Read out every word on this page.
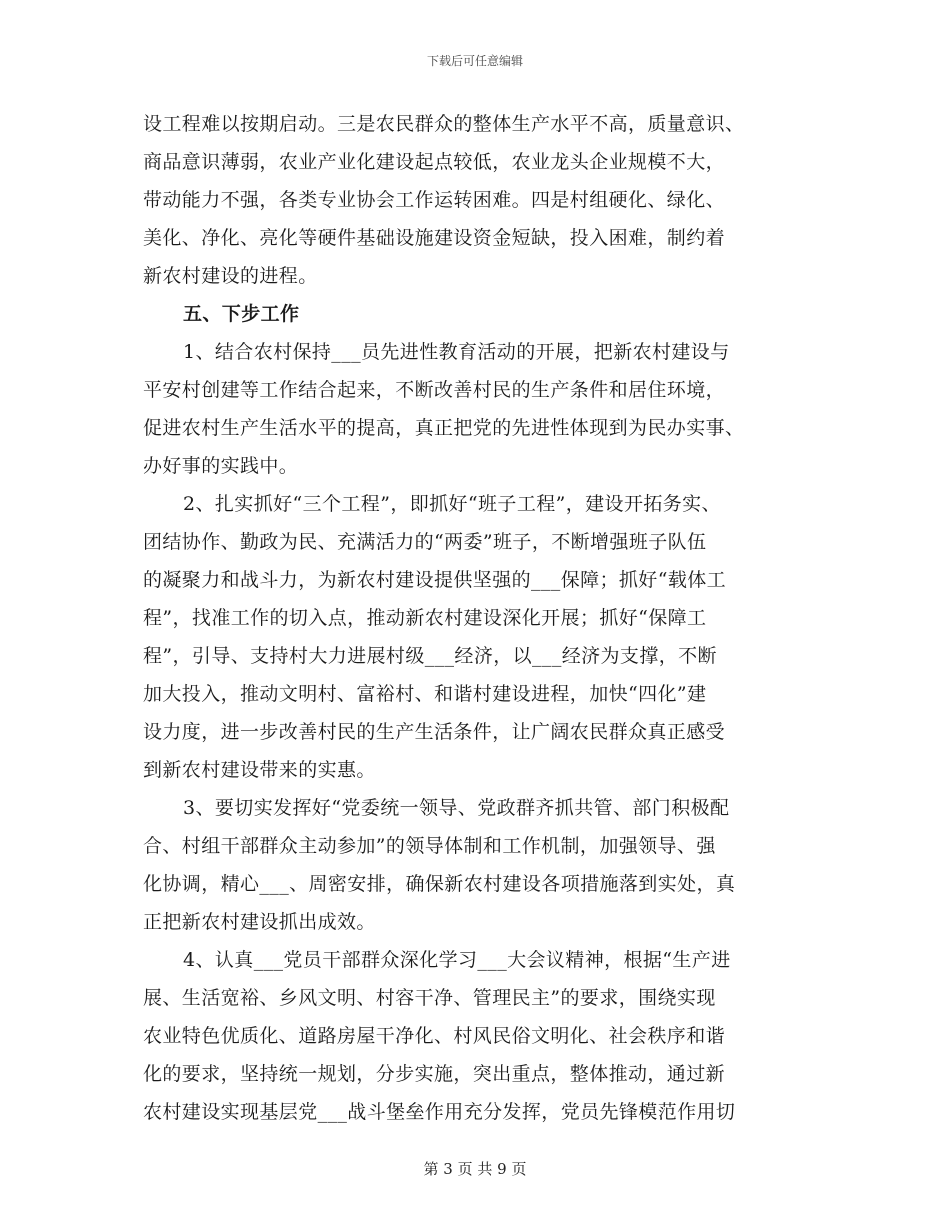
下载后可任意编辑
设工程难以按期启动。三是农民群众的整体生产水平不高，质量意识、
商品意识薄弱，农业产业化建设起点较低，农业龙头企业规模不大，
带动能力不强，各类专业协会工作运转困难。四是村组硬化、绿化、
美化、净化、亮化等硬件基础设施建设资金短缺，投入困难，制约着
新农村建设的进程。
五、下步工作
1、结合农村保持___员先进性教育活动的开展，把新农村建设与
平安村创建等工作结合起来，不断改善村民的生产条件和居住环境，
促进农村生产生活水平的提高，真正把党的先进性体现到为民办实事、
办好事的实践中。
2、扎实抓好“三个工程”，即抓好“班子工程”，建设开拓务实、
团结协作、勤政为民、充满活力的“两委”班子，不断增强班子队伍
的凝聚力和战斗力，为新农村建设提供坚强的___保障；抓好“载体工
程”，找准工作的切入点，推动新农村建设深化开展；抓好“保障工
程”，引导、支持村大力进展村级___经济，以___经济为支撑，不断
加大投入，推动文明村、富裕村、和谐村建设进程，加快“四化”建
设力度，进一步改善村民的生产生活条件，让广阔农民群众真正感受
到新农村建设带来的实惠。
3、要切实发挥好“党委统一领导、党政群齐抓共管、部门积极配
合、村组干部群众主动参加”的领导体制和工作机制，加强领导、强
化协调，精心___、周密安排，确保新农村建设各项措施落到实处，真
正把新农村建设抓出成效。
4、认真___党员干部群众深化学习___大会议精神，根据“生产进
展、生活宽裕、乡风文明、村容干净、管理民主”的要求，围绕实现
农业特色优质化、道路房屋干净化、村风民俗文明化、社会秩序和谐
化的要求，坚持统一规划，分步实施，突出重点，整体推动，通过新
农村建设实现基层党___战斗堡垒作用充分发挥，党员先锋模范作用切
第 3 页 共 9 页
